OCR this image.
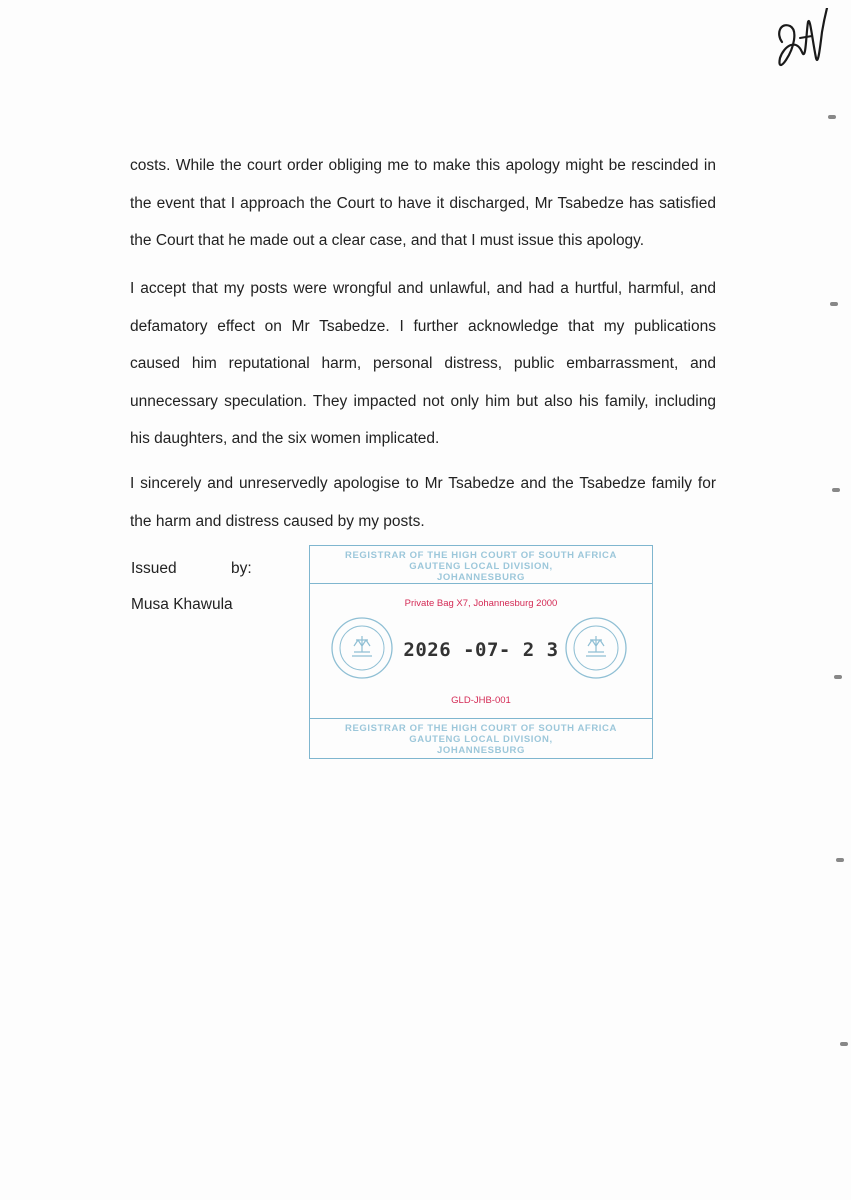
costs. While the court order obliging me to make this apology might be rescinded in the event that I approach the Court to have it discharged, Mr Tsabedze has satisfied the Court that he made out a clear case, and that I must issue this apology.

I accept that my posts were wrongful and unlawful, and had a hurtful, harmful, and defamatory effect on Mr Tsabedze. I further acknowledge that my publications caused him reputational harm, personal distress, public embarrassment, and unnecessary speculation. They impacted not only him but also his family, including his daughters, and the six women implicated.

I sincerely and unreservedly apologise to Mr Tsabedze and the Tsabedze family for the harm and distress caused by my posts.

Issued	by:
Musa Khawula
REGISTRAR OF THE HIGH COURT OF SOUTH AFRICA
GAUTENG LOCAL DIVISION,
JOHANNESBURG
Private Bag X7, Johannesburg 2000
2026 -07- 2 3
GLD-JHB-001
REGISTRAR OF THE HIGH COURT OF SOUTH AFRICA
GAUTENG LOCAL DIVISION,
JOHANNESBURG
